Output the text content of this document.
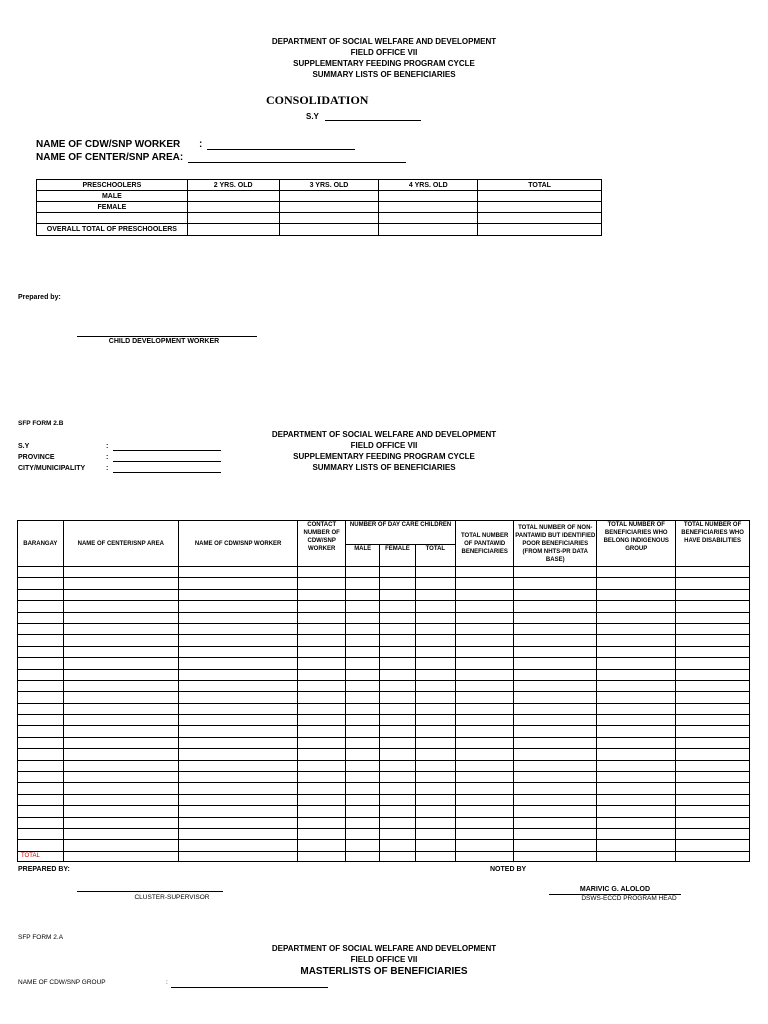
DEPARTMENT OF SOCIAL WELFARE AND DEVELOPMENT
FIELD OFFICE VII
SUPPLEMENTARY FEEDING PROGRAM CYCLE
SUMMARY LISTS OF BENEFICIARIES
CONSOLIDATION
S.Y
NAME OF CDW/SNP WORKER :
NAME OF CENTER/SNP AREA:
PRESCHOOLERS	2 YRS. OLD	3 YRS. OLD	4 YRS. OLD	TOTAL
MALE				
FEMALE				

OVERALL TOTAL OF PRESCHOOLERS				
Prepared by:
CHILD DEVELOPMENT WORKER
SFP FORM 2.B
DEPARTMENT OF SOCIAL WELFARE AND DEVELOPMENT
FIELD OFFICE VII
SUPPLEMENTARY FEEDING PROGRAM CYCLE
SUMMARY LISTS OF BENEFICIARIES
S.Y	:
PROVINCE	:
CITY/MUNICIPALITY	:
BARANGAY	NAME OF CENTER/SNP AREA	NAME OF CDW/SNP WORKER	CONTACT NUMBER OF CDW/SNP WORKER	NUMBER OF DAY CARE CHILDREN			TOTAL NUMBER OF PANTAWID BENEFICIARIES	TOTAL NUMBER OF NON-PANTAWID BUT IDENTIFIED POOR BENEFICIARIES (FROM NHTS-PR DATA BASE)	TOTAL NUMBER OF BENEFICIARIES WHO BELONG INDIGENOUS GROUP	TOTAL NUMBER OF BENEFICIARIES WHO HAVE DISABILITIES
				MALE	FEMALE	TOTAL				

TOTAL										
PREPARED BY:	NOTED BY
CLUSTER-SUPERVISOR
MARIVIC G. ALOLOD
DSWS-ECCD PROGRAM HEAD
SFP FORM 2.A
DEPARTMENT OF SOCIAL WELFARE AND DEVELOPMENT
FIELD OFFICE VII
MASTERLISTS OF BENEFICIARIES
NAME OF CDW/SNP GROUP	:
